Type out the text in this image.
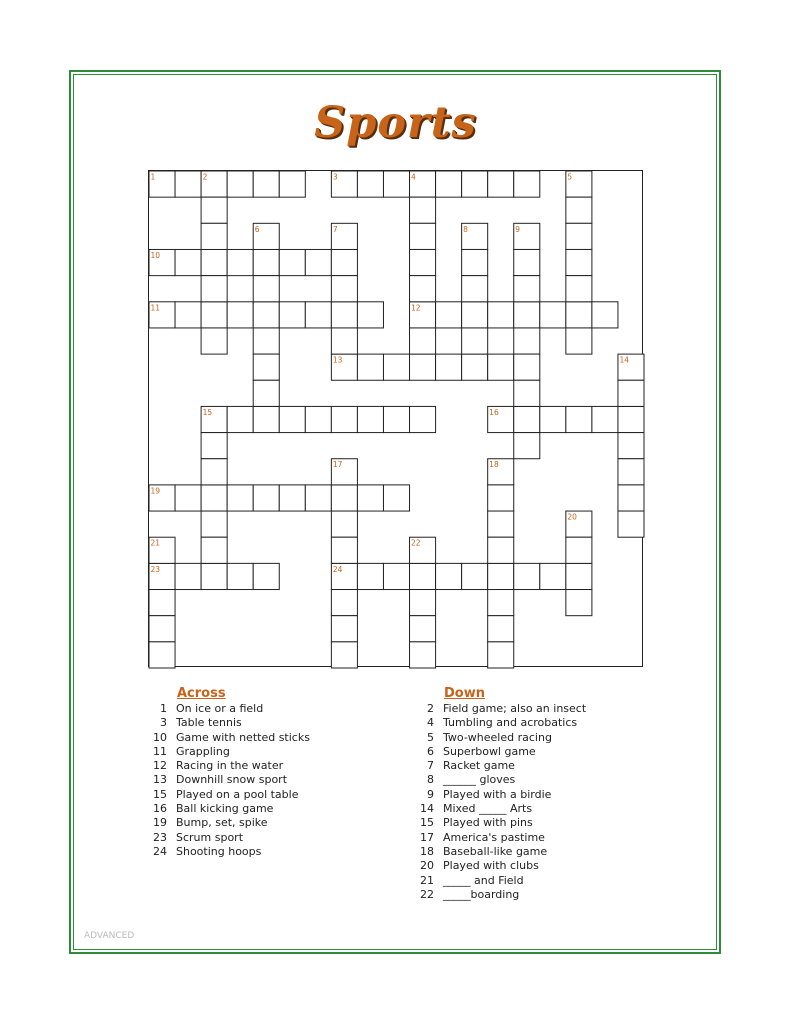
Sports
1	3
10
11	12
13
15	16
19
23	24
2	4	5
6	7	8	9
14
17	18
20
21	22
Across
1 On ice or a field
3 Table tennis
10 Game with netted sticks
11 Grappling
12 Racing in the water
13 Downhill snow sport
15 Played on a pool table
16 Ball kicking game
19 Bump, set, spike
23 Scrum sport
24 Shooting hoops
Down
2 Field game; also an insect
4 Tumbling and acrobatics
5 Two-wheeled racing
6 Superbowl game
7 Racket game
8 ______ gloves
9 Played with a birdie
14 Mixed _____ Arts
15 Played with pins
17 America's pastime
18 Baseball-like game
20 Played with clubs
21 _____ and Field
22 _____boarding
ADVANCED
